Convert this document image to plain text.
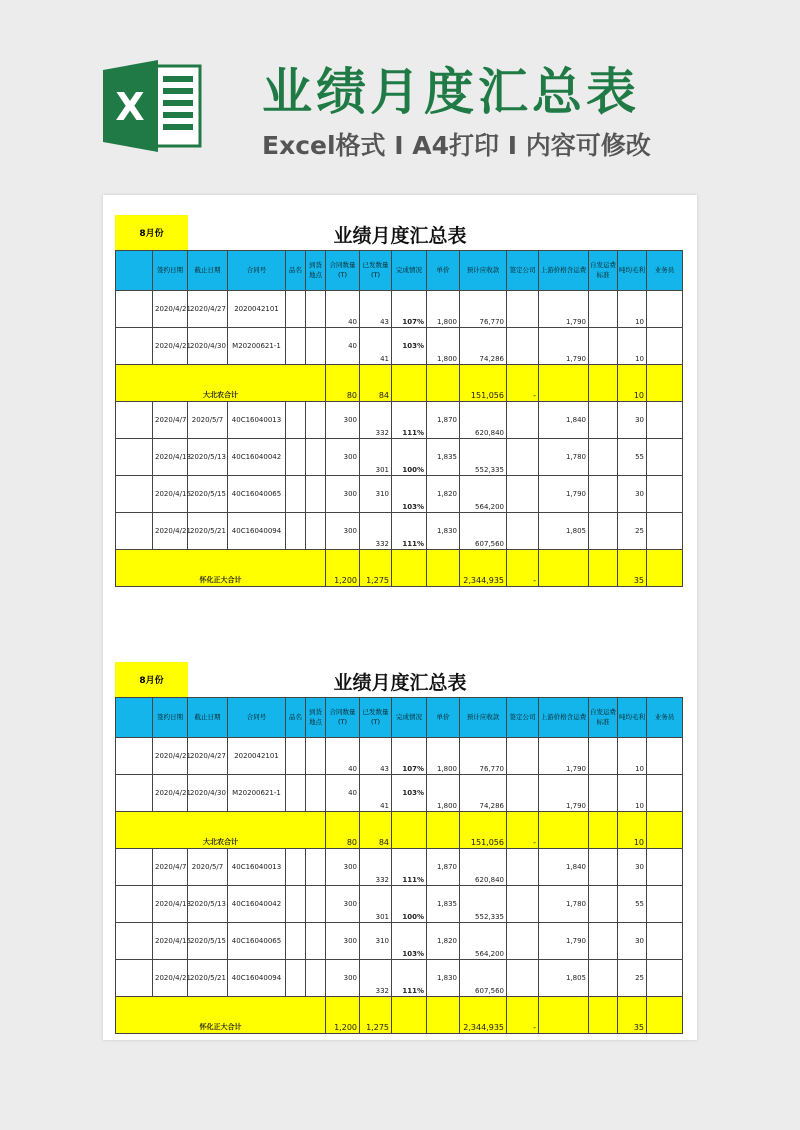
X 业绩月度汇总表
Excel格式 I A4打印 I 内容可修改
8月份	业绩月度汇总表
	签约日期	截止日期	合同号	品名	到货地点	合同数量(T)	已发数量(T)	完成情况	单价	预计应收款	签定公司	上游价格含运费	自发运费标准	吨均毛利	业务员
	2020/4/21	2020/4/27	2020042101			40	43	107%	1,800	76,770		1,790		10	
	2020/4/21	2020/4/30	M20200621-1			40	41	103%	1,800	74,286		1,790		10	
大北农合计						80	84			151,056	-			10	
	2020/4/7	2020/5/7	40C16040013			300	332	111%	1,870	620,840		1,840		30	
	2020/4/13	2020/5/13	40C16040042			300	301	100%	1,835	552,335		1,780		55	
	2020/4/15	2020/5/15	40C16040065			300	310	103%	1,820	564,200		1,790		30	
	2020/4/21	2020/5/21	40C16040094			300	332	111%	1,830	607,560		1,805		25	
怀化正大合计						1,200	1,275			2,344,935	-			35	
8月份	业绩月度汇总表
	签约日期	截止日期	合同号	品名	到货地点	合同数量(T)	已发数量(T)	完成情况	单价	预计应收款	签定公司	上游价格含运费	自发运费标准	吨均毛利	业务员
	2020/4/21	2020/4/27	2020042101			40	43	107%	1,800	76,770		1,790		10	
	2020/4/21	2020/4/30	M20200621-1			40	41	103%	1,800	74,286		1,790		10	
大北农合计						80	84			151,056	-			10	
	2020/4/7	2020/5/7	40C16040013			300	332	111%	1,870	620,840		1,840		30	
	2020/4/13	2020/5/13	40C16040042			300	301	100%	1,835	552,335		1,780		55	
	2020/4/15	2020/5/15	40C16040065			300	310	103%	1,820	564,200		1,790		30	
	2020/4/21	2020/5/21	40C16040094			300	332	111%	1,830	607,560		1,805		25	
怀化正大合计						1,200	1,275			2,344,935	-			35	
